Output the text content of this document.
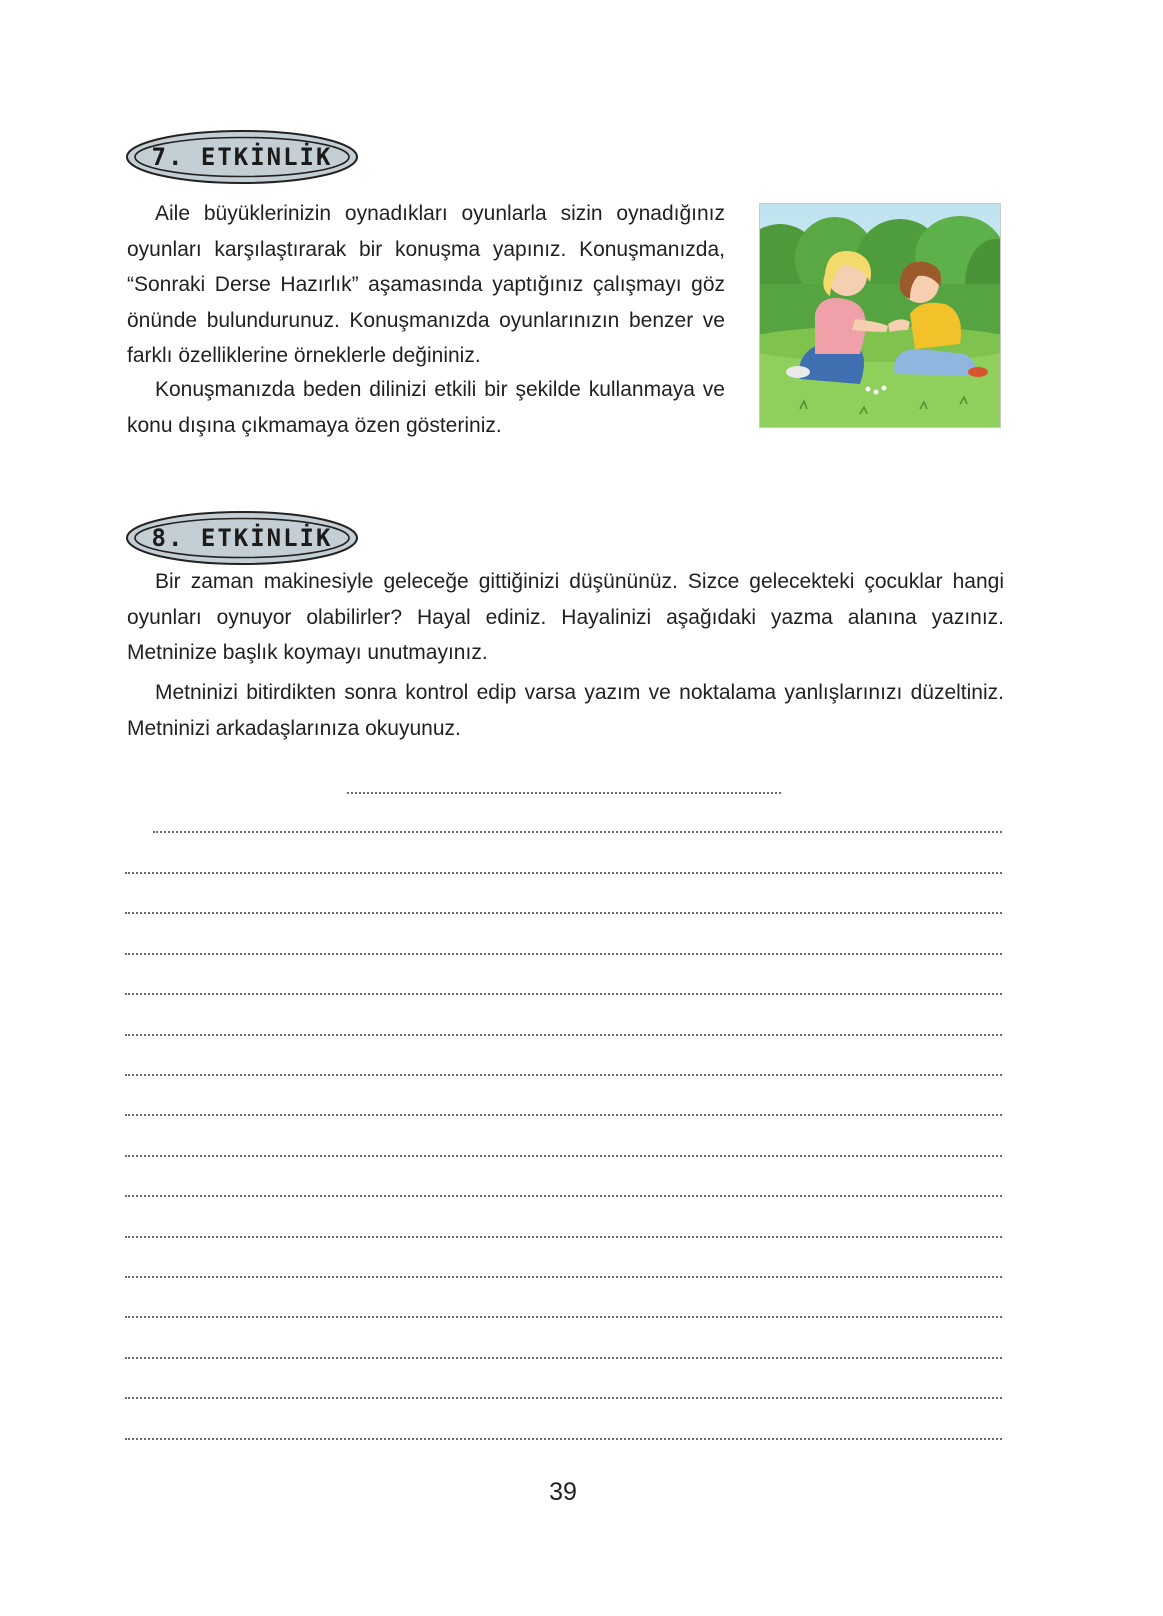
7. ETKİNLİK

Aile büyüklerinizin oynadıkları oyunlarla sizin oynadığınız oyunları karşılaştırarak bir konuşma yapınız. Konuşmanızda, “Sonraki Derse Hazırlık” aşamasında yaptığınız çalışmayı göz önünde bulundurunuz. Konuşmanızda oyunlarınızın benzer ve farklı özelliklerine örneklerle değininiz.

Konuşmanızda beden dilinizi etkili bir şekilde kullanmaya ve konu dışına çıkmamaya özen gösteriniz.

8. ETKİNLİK

Bir zaman makinesiyle geleceğe gittiğinizi düşününüz. Sizce gelecekteki çocuklar hangi oyunları oynuyor olabilirler? Hayal ediniz. Hayalinizi aşağıdaki yazma alanına yazınız. Metninize başlık koymayı unutmayınız.

Metninizi bitirdikten sonra kontrol edip varsa yazım ve noktalama yanlışlarınızı düzeltiniz. Metninizi arkadaşlarınıza okuyunuz.

39
